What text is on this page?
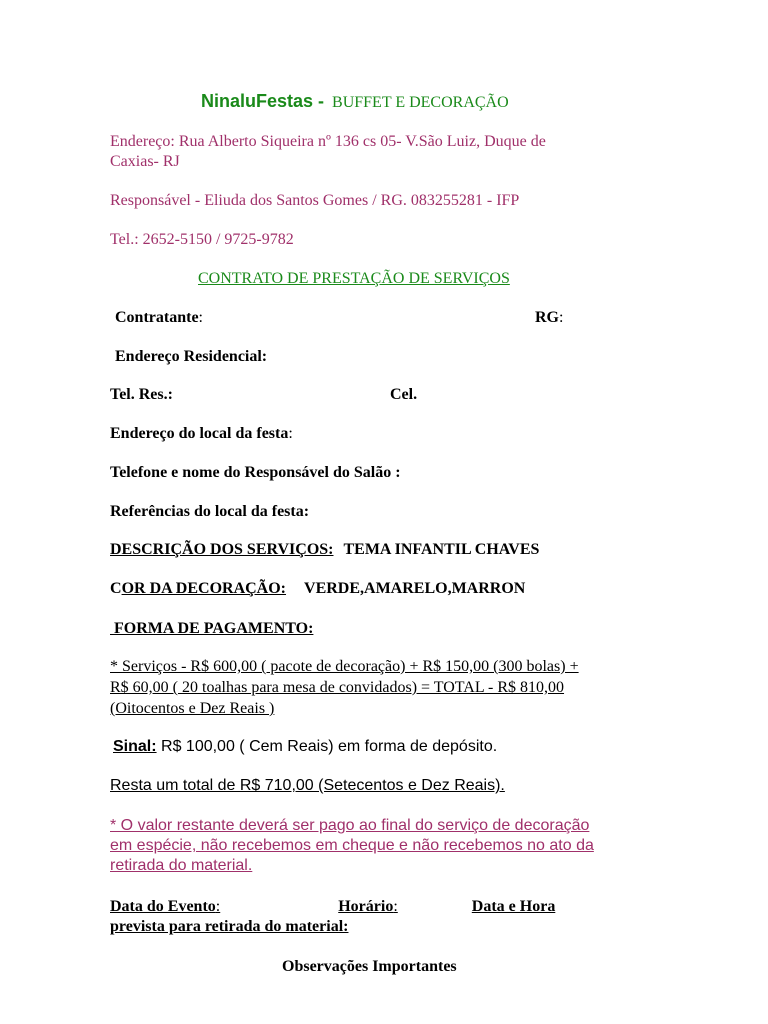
NinaluFestas - BUFFET E DECORAÇÃO
Endereço: Rua Alberto Siqueira nº 136 cs 05- V.São Luiz, Duque de
Caxias- RJ
Responsável - Eliuda dos Santos Gomes / RG. 083255281 - IFP
Tel.: 2652-5150 / 9725-9782
CONTRATO DE PRESTAÇÃO DE SERVIÇOS
Contratante:	RG:
Endereço Residencial:
Tel. Res.:	Cel.
Endereço do local da festa:
Telefone e nome do Responsável do Salão :
Referências do local da festa:
DESCRIÇÃO DOS SERVIÇOS: TEMA INFANTIL CHAVES
COR DA DECORAÇÃO: VERDE,AMARELO,MARRON
FORMA DE PAGAMENTO:
* Serviços - R$ 600,00 ( pacote de decoração) + R$ 150,00 (300 bolas) +
R$ 60,00 ( 20 toalhas para mesa de convidados) = TOTAL - R$ 810,00
(Oitocentos e Dez Reais )
Sinal: R$ 100,00 ( Cem Reais) em forma de depósito.
Resta um total de R$ 710,00 (Setecentos e Dez Reais).
* O valor restante deverá ser pago ao final do serviço de decoração
em espécie, não recebemos em cheque e não recebemos no ato da
retirada do material.
Data do Evento:	Horário:	Data e Hora
prevista para retirada do material:
Observações Importantes
